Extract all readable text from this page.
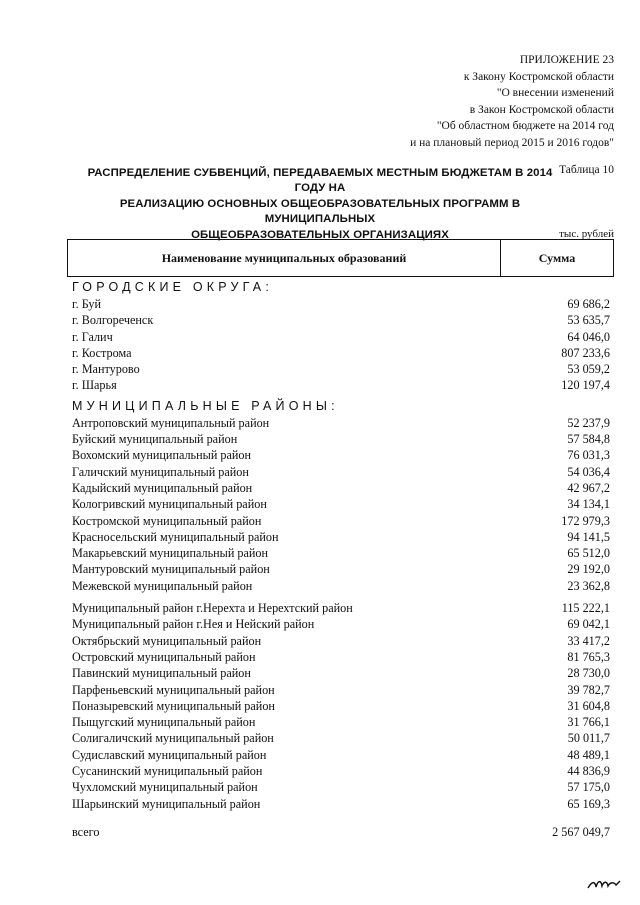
ПРИЛОЖЕНИЕ 23
к Закону Костромской области
"О внесении изменений
в Закон Костромской области
"Об областном бюджете на 2014 год
и на плановый период 2015 и 2016 годов"
Таблица 10
РАСПРЕДЕЛЕНИЕ СУБВЕНЦИЙ, ПЕРЕДАВАЕМЫХ МЕСТНЫМ БЮДЖЕТАМ В 2014 ГОДУ НА
РЕАЛИЗАЦИЮ ОСНОВНЫХ ОБЩЕОБРАЗОВАТЕЛЬНЫХ ПРОГРАММ В МУНИЦИПАЛЬНЫХ
ОБЩЕОБРАЗОВАТЕЛЬНЫХ ОРГАНИЗАЦИЯХ	тыс. рублей
Наименование муниципальных образований	Сумма
ГОРОДСКИЕ ОКРУГА:
г. Буй	69 686,2
г. Волгореченск	53 635,7
г. Галич	64 046,0
г. Кострома	807 233,6
г. Мантурово	53 059,2
г. Шарья	120 197,4
МУНИЦИПАЛЬНЫЕ РАЙОНЫ:
Антроповский муниципальный район	52 237,9
Буйский муниципальный район	57 584,8
Вохомский муниципальный район	76 031,3
Галичский муниципальный район	54 036,4
Кадыйский муниципальный район	42 967,2
Кологривский муниципальный район	34 134,1
Костромской муниципальный район	172 979,3
Красносельский муниципальный район	94 141,5
Макарьевский муниципальный район	65 512,0
Мантуровский муниципальный район	29 192,0
Межевской муниципальный район	23 362,8
Муниципальный район г.Нерехта и Нерехтский район	115 222,1
Муниципальный район г.Нея и Нейский район	69 042,1
Октябрьский муниципальный район	33 417,2
Островский муниципальный район	81 765,3
Павинский муниципальный район	28 730,0
Парфеньевский муниципальный район	39 782,7
Поназыревский муниципальный район	31 604,8
Пыщугский муниципальный район	31 766,1
Солигаличский муниципальный район	50 011,7
Судиславский муниципальный район	48 489,1
Сусанинский муниципальный район	44 836,9
Чухломский муниципальный район	57 175,0
Шарьинский муниципальный район	65 169,3
всего	2 567 049,7
